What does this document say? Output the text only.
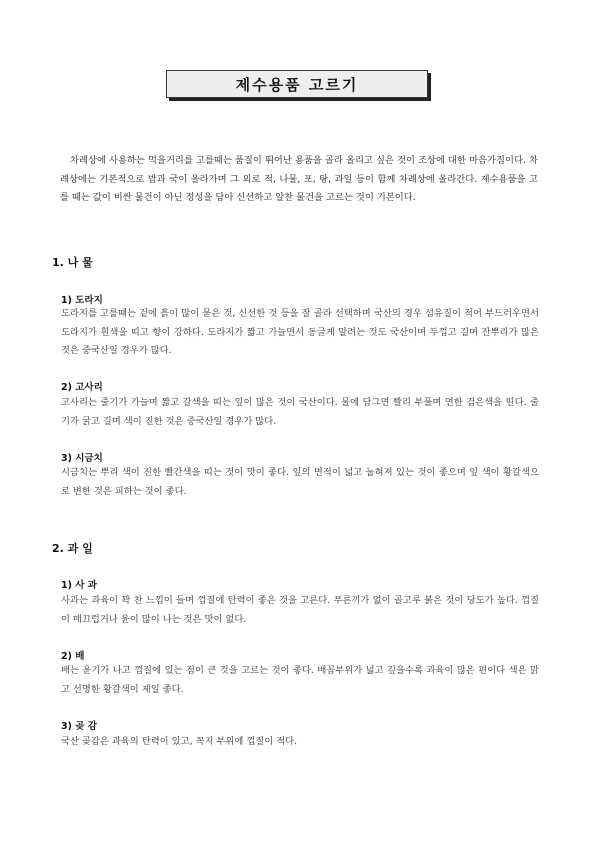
제수용품 고르기

차례상에 사용하는 먹을거리를 고를때는 품질이 뛰어난 용품을 골라 올리고 싶은 것이 조상에 대한 마음가짐이다. 차례상에는 기본적으로 밥과 국이 올라가며 그 외로 적, 나물, 포, 탕, 과일 등이 함께 차례상에 올라간다. 제수용품을 고를 때는 값이 비싼 물건이 아닌 정성을 담아 신선하고 알찬 물건을 고르는 것이 기본이다.

1. 나 물
1) 도라지

도라지를 고를때는 겉에 흙이 많이 묻은 것, 신선한 것 등을 잘 골라 선택하며 국산의 경우 섬유질이 적어 부드러우면서 도라지가 흰색을 띠고 향이 강하다. 도라지가 짧고 가늘면서 동글게 말려는 것도 국산이며 두껍고 길며 잔뿌리가 많은 것은 중국산일 경우가 많다.

2) 고사리

고사리는 줄기가 가늘며 짧고 갈색을 띠는 잎이 많은 것이 국산이다. 물에 담그면 빨리 부풀며 연한 검은색을 띤다. 줄기가 굵고 길며 색이 진한 것은 중국산일 경우가 많다.

3) 시금치

시금치는 뿌리 색이 진한 빨간색을 띠는 것이 맛이 좋다. 잎의 면적이 넓고 눕혀져 있는 것이 좋으며 잎 색이 황갈색으로 변한 것은 피하는 것이 좋다.

2. 과 일
1) 사 과

사과는 과육이 꽉 찬 느낌이 들며 껍질에 탄력이 좋은 것을 고른다. 푸른끼가 없이 골고루 붉은 것이 당도가 높다. 껍질이 매끄럽거나 윤이 많이 나는 것은 맛이 없다.

2) 배

배는 윤기가 나고 껍질에 있는 점이 큰 것을 고르는 것이 좋다. 배꼽부위가 넓고 깊을수록 과육이 많은 편이다 색은 맑고 선명한 황갈색이 제일 좋다.

3) 곶 감

국산 곶감은 과육의 탄력이 있고, 꼭지 부위에 껍질이 적다.
